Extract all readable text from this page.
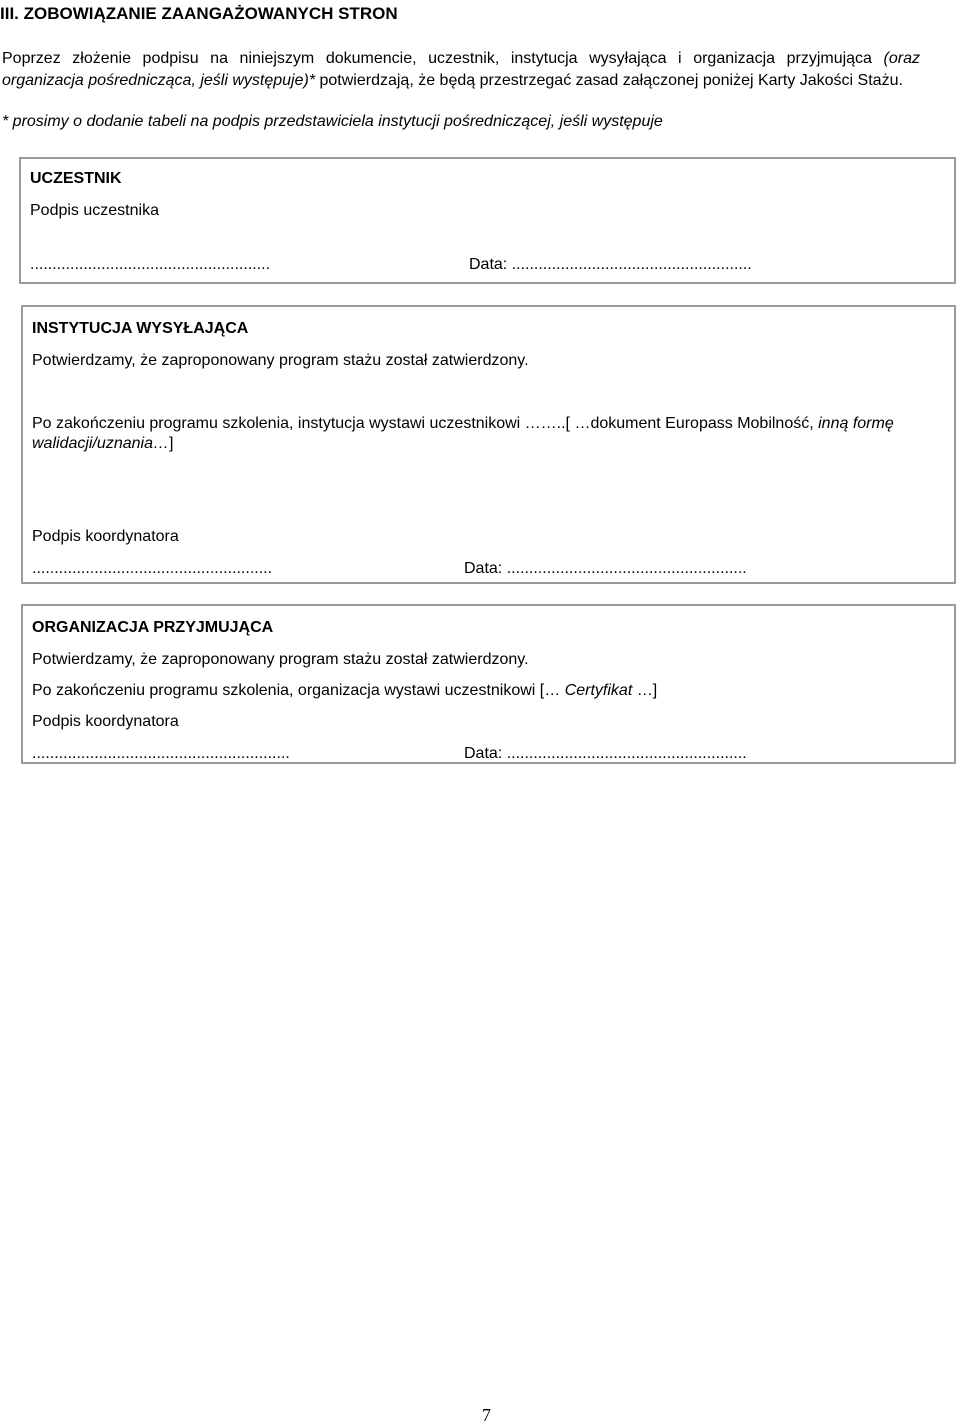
III. ZOBOWIĄZANIE ZAANGAŻOWANYCH STRON
Poprzez złożenie podpisu na niniejszym dokumencie, uczestnik, instytucja wysyłająca i organizacja przyjmująca (oraz organizacja pośrednicząca, jeśli występuje)* potwierdzają, że będą przestrzegać zasad załączonej poniżej Karty Jakości Stażu.
* prosimy o dodanie tabeli na podpis przedstawiciela instytucji pośredniczącej, jeśli występuje
UCZESTNIK
Podpis uczestnika
......................................................	Data: ......................................................
INSTYTUCJA WYSYŁAJĄCA
Potwierdzamy, że zaproponowany program stażu został zatwierdzony.
Po zakończeniu programu szkolenia, instytucja wystawi uczestnikowi ……..[ …dokument Europass Mobilność, inną formę walidacji/uznania…]
Podpis koordynatora
......................................................	Data: ......................................................
ORGANIZACJA PRZYJMUJĄCA
Potwierdzamy, że zaproponowany program stażu został zatwierdzony.
Po zakończeniu programu szkolenia, organizacja wystawi uczestnikowi [… Certyfikat …]
Podpis koordynatora
..........................................................	Data: ......................................................
7
